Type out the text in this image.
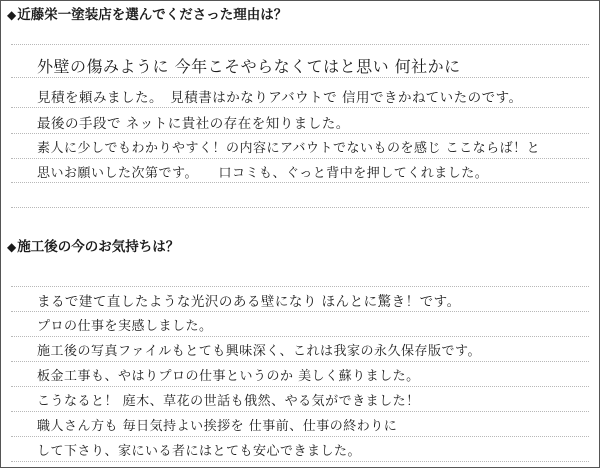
◆近藤栄一塗装店を選んでくださった理由は？
外壁の傷みように 今年こそやらなくてはと思い 何社かに
見積を頼みました。　見積書はかなりアバウトで 信用できかねていたのです。
最後の手段で ネットに貴社の存在を知りました。
素人に少しでもわかりやすく！の内容にアバウトでないものを感じ ここならば！と
思いお願いした次第です。　　口コミも、ぐっと背中を押してくれました。
◆施工後の今のお気持ちは？
まるで建て直したような光沢のある壁になり ほんとに驚き！です。
プロの仕事を実感しました。
施工後の写真ファイルもとても興味深く、これは我家の永久保存版です。
板金工事も、やはりプロの仕事というのか 美しく蘇りました。
こうなると！ 庭木、草花の世話も俄然、やる気ができました！
職人さん方も 毎日気持よい挨拶を 仕事前、仕事の終わりに
して下さり、家にいる者にはとても安心できました。
